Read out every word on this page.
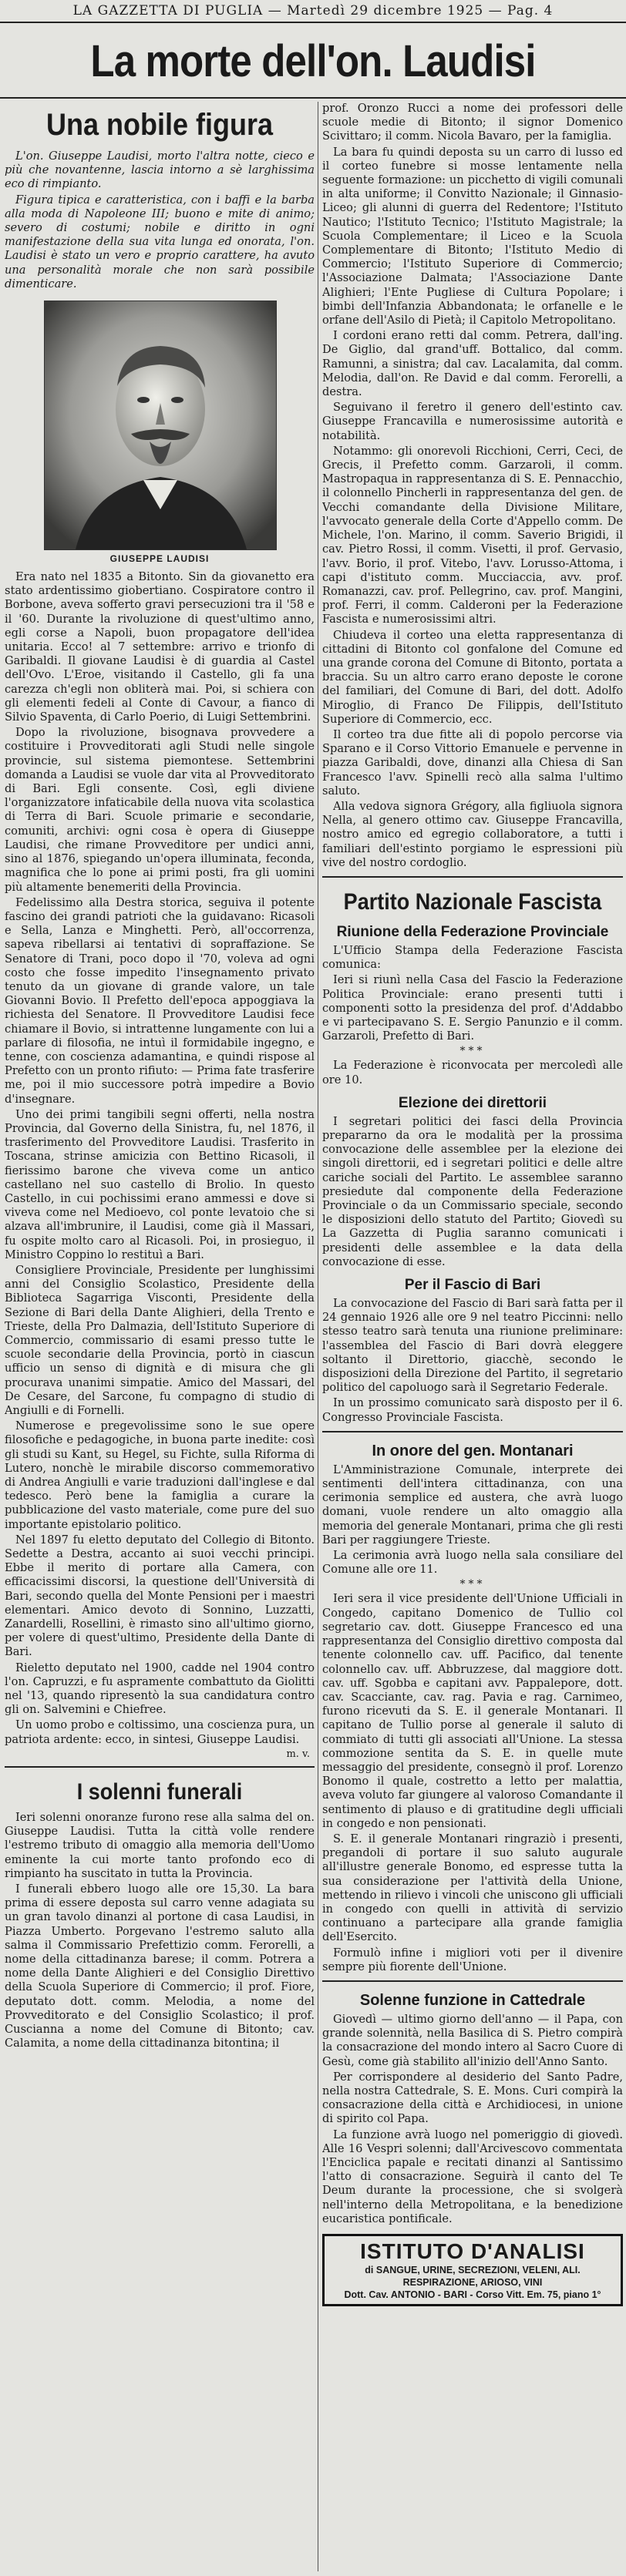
LA GAZZETTA DI PUGLIA — Martedì 29 dicembre 1925 — Pag. 4
La morte dell'on. Laudisi
Una nobile figura

L'on. Giuseppe Laudisi, morto l'altra notte, cieco e più che novantenne, lascia intorno a sè larghissima eco di rimpianto.

Figura tipica e caratteristica, con i baffi e la barba alla moda di Napoleone III; buono e mite di animo; severo di costumi; nobile e diritto in ogni manifestazione della sua vita lunga ed onorata, l'on. Laudisi è stato un vero e proprio carattere, ha avuto una personalità morale che non sarà possibile dimenticare.

GIUSEPPE LAUDISI

Era nato nel 1835 a Bitonto. Sin da giovanetto era stato ardentissimo giobertiano. Cospiratore contro il Borbone, aveva sofferto gravi persecuzioni tra il '58 e il '60. Durante la rivoluzione di quest'ultimo anno, egli corse a Napoli, buon propagatore dell'idea unitaria. Ecco! al 7 settembre: arrivo e trionfo di Garibaldi. Il giovane Laudisi è di guardia al Castel dell'Ovo. L'Eroe, visitando il Castello, gli fa una carezza ch'egli non obliterà mai. Poi, si schiera con gli elementi fedeli al Conte di Cavour, a fianco di Silvio Spaventa, di Carlo Poerio, di Luigi Settembrini.

Dopo la rivoluzione, bisognava provvedere a costituire i Provveditorati agli Studi nelle singole provincie, sul sistema piemontese. Settembrini domanda a Laudisi se vuole dar vita al Provveditorato di Bari. Egli consente. Così, egli diviene l'organizzatore infaticabile della nuova vita scolastica di Terra di Bari. Scuole primarie e secondarie, comuniti, archivi: ogni cosa è opera di Giuseppe Laudisi, che rimane Provveditore per undici anni, sino al 1876, spiegando un'opera illuminata, feconda, magnifica che lo pone ai primi posti, fra gli uomini più altamente benemeriti della Provincia.

Fedelissimo alla Destra storica, seguiva il potente fascino dei grandi patrioti che la guidavano: Ricasoli e Sella, Lanza e Minghetti. Però, all'occorrenza, sapeva ribellarsi ai tentativi di sopraffazione. Se Senatore di Trani, poco dopo il '70, voleva ad ogni costo che fosse impedito l'insegnamento privato tenuto da un giovane di grande valore, un tale Giovanni Bovio. Il Prefetto dell'epoca appoggiava la richiesta del Senatore. Il Provveditore Laudisi fece chiamare il Bovio, si intrattenne lungamente con lui a parlare di filosofia, ne intuì il formidabile ingegno, e tenne, con coscienza adamantina, e quindi rispose al Prefetto con un pronto rifiuto: — Prima fate trasferire me, poi il mio successore potrà impedire a Bovio d'insegnare.

Uno dei primi tangibili segni offerti, nella nostra Provincia, dal Governo della Sinistra, fu, nel 1876, il trasferimento del Provveditore Laudisi. Trasferito in Toscana, strinse amicizia con Bettino Ricasoli, il fierissimo barone che viveva come un antico castellano nel suo castello di Brolio. In questo Castello, in cui pochissimi erano ammessi e dove si viveva come nel Medioevo, col ponte levatoio che si alzava all'imbrunire, il Laudisi, come già il Massari, fu ospite molto caro al Ricasoli. Poi, in prosieguo, il Ministro Coppino lo restituì a Bari.

Consigliere Provinciale, Presidente per lunghissimi anni del Consiglio Scolastico, Presidente della Biblioteca Sagarriga Visconti, Presidente della Sezione di Bari della Dante Alighieri, della Trento e Trieste, della Pro Dalmazia, dell'Istituto Superiore di Commercio, commissario di esami presso tutte le scuole secondarie della Provincia, portò in ciascun ufficio un senso di dignità e di misura che gli procurava unanimi simpatie. Amico del Massari, del De Cesare, del Sarcone, fu compagno di studio di Angiulli e di Fornelli.

Numerose e pregevolissime sono le sue opere filosofiche e pedagogiche, in buona parte inedite: così gli studi su Kant, su Hegel, su Fichte, sulla Riforma di Lutero, nonchè le mirabile discorso commemorativo di Andrea Angiulli e varie traduzioni dall'inglese e dal tedesco. Però bene la famiglia a curare la pubblicazione del vasto materiale, come pure del suo importante epistolario politico.

Nel 1897 fu eletto deputato del Collegio di Bitonto. Sedette a Destra, accanto ai suoi vecchi principi. Ebbe il merito di portare alla Camera, con efficacissimi discorsi, la questione dell'Università di Bari, secondo quella del Monte Pensioni per i maestri elementari. Amico devoto di Sonnino, Luzzatti, Zanardelli, Rosellini, è rimasto sino all'ultimo giorno, per volere di quest'ultimo, Presidente della Dante di Bari.

Rieletto deputato nel 1900, cadde nel 1904 contro l'on. Capruzzi, e fu aspramente combattuto da Giolitti nel '13, quando ripresentò la sua candidatura contro gli on. Salvemini e Chiefree.

Un uomo probo e coltissimo, una coscienza pura, un patriota ardente: ecco, in sintesi, Giuseppe Laudisi.

m. v.
I solenni funerali

Ieri solenni onoranze furono rese alla salma del on. Giuseppe Laudisi. Tutta la città volle rendere l'estremo tributo di omaggio alla memoria dell'Uomo eminente la cui morte tanto profondo eco di rimpianto ha suscitato in tutta la Provincia.

I funerali ebbero luogo alle ore 15,30. La bara prima di essere deposta sul carro venne adagiata su un gran tavolo dinanzi al portone di casa Laudisi, in Piazza Umberto. Porgevano l'estremo saluto alla salma il Commissario Prefettizio comm. Ferorelli, a nome della cittadinanza barese; il comm. Potrera a nome della Dante Alighieri e del Consiglio Direttivo della Scuola Superiore di Commercio; il prof. Fiore, deputato dott. comm. Melodia, a nome del Provveditorato e del Consiglio Scolastico; il prof. Cuscianna a nome del Comune di Bitonto; cav. Calamita, a nome della cittadinanza bitontina; il

prof. Oronzo Rucci a nome dei professori delle scuole medie di Bitonto; il signor Domenico Scivittaro; il comm. Nicola Bavaro, per la famiglia.

La bara fu quindi deposta su un carro di lusso ed il corteo funebre si mosse lentamente nella seguente formazione: un picchetto di vigili comunali in alta uniforme; il Convitto Nazionale; il Ginnasio-Liceo; gli alunni di guerra del Redentore; l'Istituto Nautico; l'Istituto Tecnico; l'Istituto Magistrale; la Scuola Complementare; il Liceo e la Scuola Complementare di Bitonto; l'Istituto Medio di Commercio; l'Istituto Superiore di Commercio; l'Associazione Dalmata; l'Associazione Dante Alighieri; l'Ente Pugliese di Cultura Popolare; i bimbi dell'Infanzia Abbandonata; le orfanelle e le orfane dell'Asilo di Pietà; il Capitolo Metropolitano.

I cordoni erano retti dal comm. Petrera, dall'ing. De Giglio, dal grand'uff. Bottalico, dal comm. Ramunni, a sinistra; dal cav. Lacalamita, dal comm. Melodia, dall'on. Re David e dal comm. Ferorelli, a destra.

Seguivano il feretro il genero dell'estinto cav. Giuseppe Francavilla e numerosissime autorità e notabilità.

Notammo: gli onorevoli Ricchioni, Cerri, Ceci, de Grecis, il Prefetto comm. Garzaroli, il comm. Mastropaqua in rappresentanza di S. E. Pennacchio, il colonnello Pincherli in rappresentanza del gen. de Vecchi comandante della Divisione Militare, l'avvocato generale della Corte d'Appello comm. De Michele, l'on. Marino, il comm. Saverio Brigidi, il cav. Pietro Rossi, il comm. Visetti, il prof. Gervasio, l'avv. Borio, il prof. Vitebo, l'avv. Lorusso-Attoma, i capi d'istituto comm. Mucciaccia, avv. prof. Romanazzi, cav. prof. Pellegrino, cav. prof. Mangini, prof. Ferri, il comm. Calderoni per la Federazione Fascista e numerosissimi altri.

Chiudeva il corteo una eletta rappresentanza di cittadini di Bitonto col gonfalone del Comune ed una grande corona del Comune di Bitonto, portata a braccia. Su un altro carro erano deposte le corone del familiari, del Comune di Bari, del dott. Adolfo Miroglio, di Franco De Filippis, dell'Istituto Superiore di Commercio, ecc.

Il corteo tra due fitte ali di popolo percorse via Sparano e il Corso Vittorio Emanuele e pervenne in piazza Garibaldi, dove, dinanzi alla Chiesa di San Francesco l'avv. Spinelli recò alla salma l'ultimo saluto.

Alla vedova signora Grégory, alla figliuola signora Nella, al genero ottimo cav. Giuseppe Francavilla, nostro amico ed egregio collaboratore, a tutti i familiari dell'estinto porgiamo le espressioni più vive del nostro cordoglio.

Partito Nazionale Fascista
Riunione della Federazione Provinciale

L'Ufficio Stampa della Federazione Fascista comunica:

Ieri si riunì nella Casa del Fascio la Federazione Politica Provinciale: erano presenti tutti i componenti sotto la presidenza del prof. d'Addabbo e vi partecipavano S. E. Sergio Panunzio e il comm. Garzaroli, Prefetto di Bari.

***

La Federazione è riconvocata per mercoledì alle ore 10.

Elezione dei direttorii

I segretari politici dei fasci della Provincia prepararno da ora le modalità per la prossima convocazione delle assemblee per la elezione dei singoli direttorii, ed i segretari politici e delle altre cariche sociali del Partito. Le assemblee saranno presiedute dal componente della Federazione Provinciale o da un Commissario speciale, secondo le disposizioni dello statuto del Partito; Giovedì su La Gazzetta di Puglia saranno comunicati i presidenti delle assemblee e la data della convocazione di esse.

Per il Fascio di Bari

La convocazione del Fascio di Bari sarà fatta per il 24 gennaio 1926 alle ore 9 nel teatro Piccinni: nello stesso teatro sarà tenuta una riunione preliminare: l'assemblea del Fascio di Bari dovrà eleggere soltanto il Direttorio, giacchè, secondo le disposizioni della Direzione del Partito, il segretario politico del capoluogo sarà il Segretario Federale.

In un prossimo comunicato sarà disposto per il 6. Congresso Provinciale Fascista.

In onore del gen. Montanari

L'Amministrazione Comunale, interprete dei sentimenti dell'intera cittadinanza, con una cerimonia semplice ed austera, che avrà luogo domani, vuole rendere un alto omaggio alla memoria del generale Montanari, prima che gli resti Bari per raggiungere Trieste.

La cerimonia avrà luogo nella sala consiliare del Comune alle ore 11.

***

Ieri sera il vice presidente dell'Unione Ufficiali in Congedo, capitano Domenico de Tullio col segretario cav. dott. Giuseppe Francesco ed una rappresentanza del Consiglio direttivo composta dal tenente colonnello cav. uff. Pacifico, dal tenente colonnello cav. uff. Abbruzzese, dal maggiore dott. cav. uff. Sgobba e capitani avv. Pappalepore, dott. cav. Scacciante, cav. rag. Pavia e rag. Carnimeo, furono ricevuti da S. E. il generale Montanari. Il capitano de Tullio porse al generale il saluto di commiato di tutti gli associati all'Unione. La stessa commozione sentita da S. E. in quelle mute messaggio del presidente, consegnò il prof. Lorenzo Bonomo il quale, costretto a letto per malattia, aveva voluto far giungere al valoroso Comandante il sentimento di plauso e di gratitudine degli ufficiali in congedo e non pensionati.

S. E. il generale Montanari ringraziò i presenti, pregandoli di portare il suo saluto augurale all'illustre generale Bonomo, ed espresse tutta la sua considerazione per l'attività della Unione, mettendo in rilievo i vincoli che uniscono gli ufficiali in congedo con quelli in attività di servizio continuano a partecipare alla grande famiglia dell'Esercito.

Formulò infine i migliori voti per il divenire sempre più fiorente dell'Unione.

Solenne funzione in Cattedrale

Giovedì — ultimo giorno dell'anno — il Papa, con grande solennità, nella Basilica di S. Pietro compirà la consacrazione del mondo intero al Sacro Cuore di Gesù, come già stabilito all'inizio dell'Anno Santo.

Per corrispondere al desiderio del Santo Padre, nella nostra Cattedrale, S. E. Mons. Curi compirà la consacrazione della città e Archidiocesi, in unione di spirito col Papa.

La funzione avrà luogo nel pomeriggio di giovedì. Alle 16 Vespri solenni; dall'Arcivescovo commentata l'Enciclica papale e recitati dinanzi al Santissimo l'atto di consacrazione. Seguirà il canto del Te Deum durante la processione, che si svolgerà nell'interno della Metropolitana, e la benedizione eucaristica pontificale.

ISTITUTO D'ANALISI
di SANGUE, URINE, SECREZIONI, VELENI, ALI. RESPIRAZIONE, ARIOSO, VINI
Dott. Cav. ANTONIO - BARI - Corso Vitt. Em. 75, piano 1°
